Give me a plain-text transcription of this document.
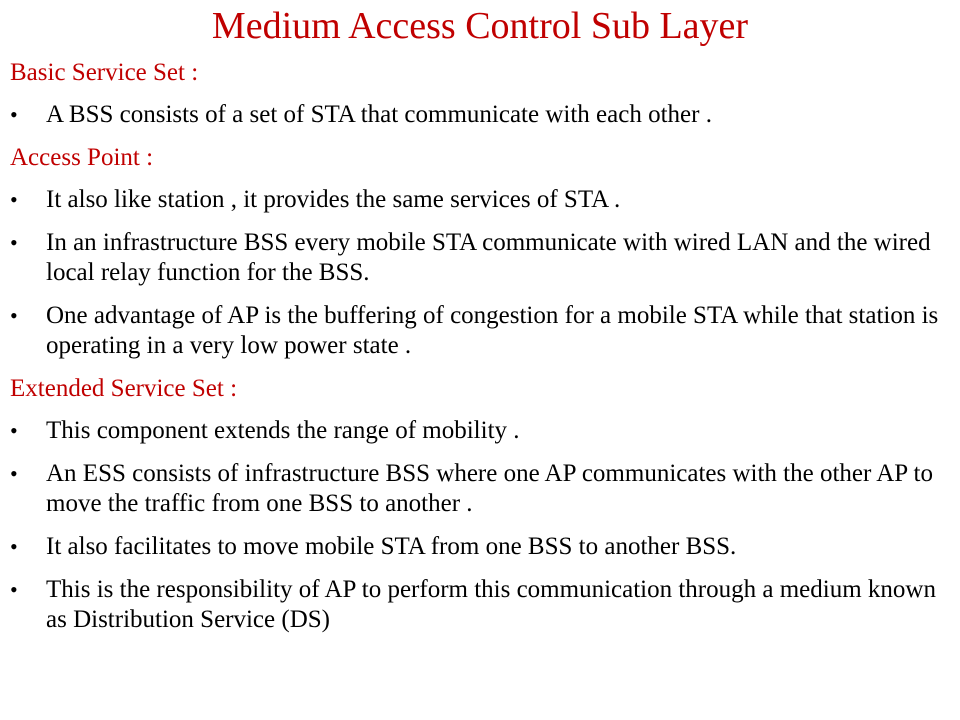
Medium Access Control Sub Layer
Basic Service Set :
•	A BSS consists of a set of STA that communicate with each other .
Access Point :
•	It also like station , it provides the same services of STA .
•	In an infrastructure BSS every mobile STA communicate with wired LAN and the wired local relay function for the BSS.
•	One advantage of AP is the buffering of congestion for a mobile STA while that station is operating in a very low power state .
Extended Service Set :
•	This component extends the range of mobility .
•	An ESS consists of infrastructure BSS where one AP communicates with the other AP to move the traffic from one BSS to another .
•	It also facilitates to move mobile STA from one BSS to another BSS.
•	This is the responsibility of AP to perform this communication through a medium known as Distribution Service (DS)
